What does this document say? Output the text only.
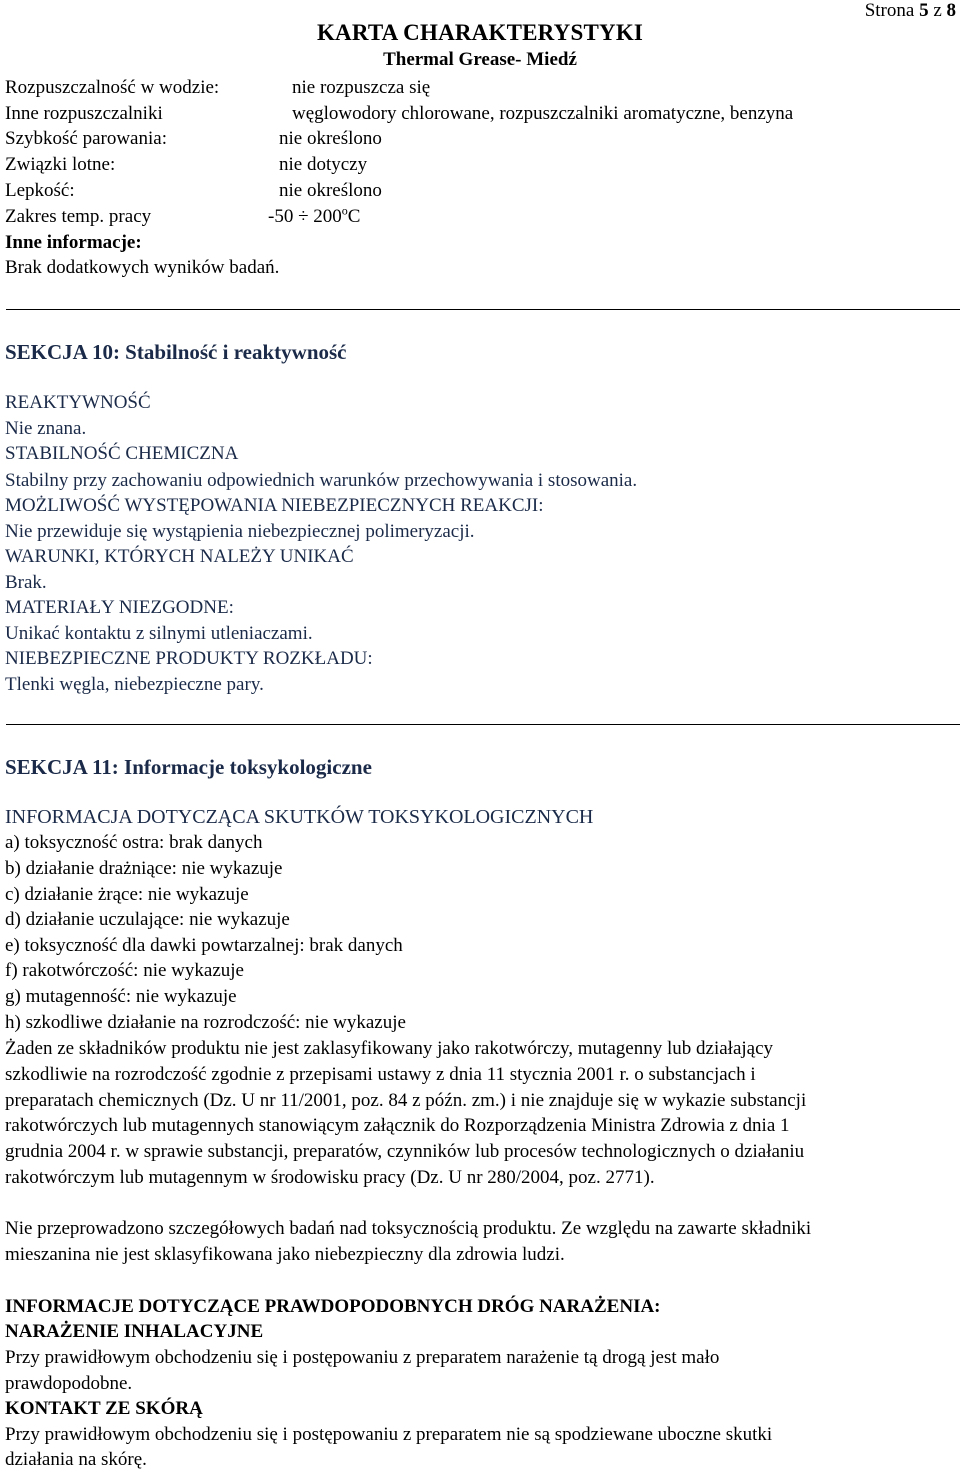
Strona 5 z 8
KARTA CHARAKTERYSTYKI
Thermal Grease- Miedź
Rozpuszczalność w wodzie:	nie rozpuszcza się
Inne rozpuszczalniki	węglowodory chlorowane, rozpuszczalniki aromatyczne, benzyna
Szybkość parowania:	nie określono
Związki lotne:	nie dotyczy
Lepkość:	nie określono
Zakres temp. pracy	$-50 \div 200^oC$
Inne informacje:
Brak dodatkowych wyników badań.
SEKCJA 10: Stabilność i reaktywność
REAKTYWNOŚĆ
Nie znana.
STABILNOŚĆ CHEMICZNA
Stabilny przy zachowaniu odpowiednich warunków przechowywania i stosowania.
MOŻLIWOŚĆ WYSTĘPOWANIA NIEBEZPIECZNYCH REAKCJI:
Nie przewiduje się wystąpienia niebezpiecznej polimeryzacji.
WARUNKI, KTÓRYCH NALEŻY UNIKAĆ
Brak.
MATERIAŁY NIEZGODNE:
Unikać kontaktu z silnymi utleniaczami.
NIEBEZPIECZNE PRODUKTY ROZKŁADU:
Tlenki węgla, niebezpieczne pary.
SEKCJA 11: Informacje toksykologiczne
INFORMACJA DOTYCZĄCA SKUTKÓW TOKSYKOLOGICZNYCH
a) toksyczność ostra: brak danych
b) działanie drażniące: nie wykazuje
c) działanie żrące: nie wykazuje
d) działanie uczulające: nie wykazuje
e) toksyczność dla dawki powtarzalnej: brak danych
f) rakotwórczość: nie wykazuje
g) mutagenność: nie wykazuje
h) szkodliwe działanie na rozrodczość: nie wykazuje
Żaden ze składników produktu nie jest zaklasyfikowany jako rakotwórczy, mutagenny lub działający
szkodliwie na rozrodczość zgodnie z przepisami ustawy z dnia 11 stycznia 2001 r. o substancjach i
preparatach chemicznych (Dz. U nr 11/2001, poz. 84 z późn. zm.) i nie znajduje się w wykazie substancji
rakotwórczych lub mutagennych stanowiącym załącznik do Rozporządzenia Ministra Zdrowia z dnia 1
grudnia 2004 r. w sprawie substancji, preparatów, czynników lub procesów technologicznych o działaniu
rakotwórczym lub mutagennym w środowisku pracy (Dz. U nr 280/2004, poz. 2771).
Nie przeprowadzono szczegółowych badań nad toksycznością produktu. Ze względu na zawarte składniki
mieszanina nie jest sklasyfikowana jako niebezpieczny dla zdrowia ludzi.
INFORMACJE DOTYCZĄCE PRAWDOPODOBNYCH DRÓG NARAŻENIA:
NARAŻENIE INHALACYJNE
Przy prawidłowym obchodzeniu się i postępowaniu z preparatem narażenie tą drogą jest mało
prawdopodobne.
KONTAKT ZE SKÓRĄ
Przy prawidłowym obchodzeniu się i postępowaniu z preparatem nie są spodziewane uboczne skutki
działania na skórę.
